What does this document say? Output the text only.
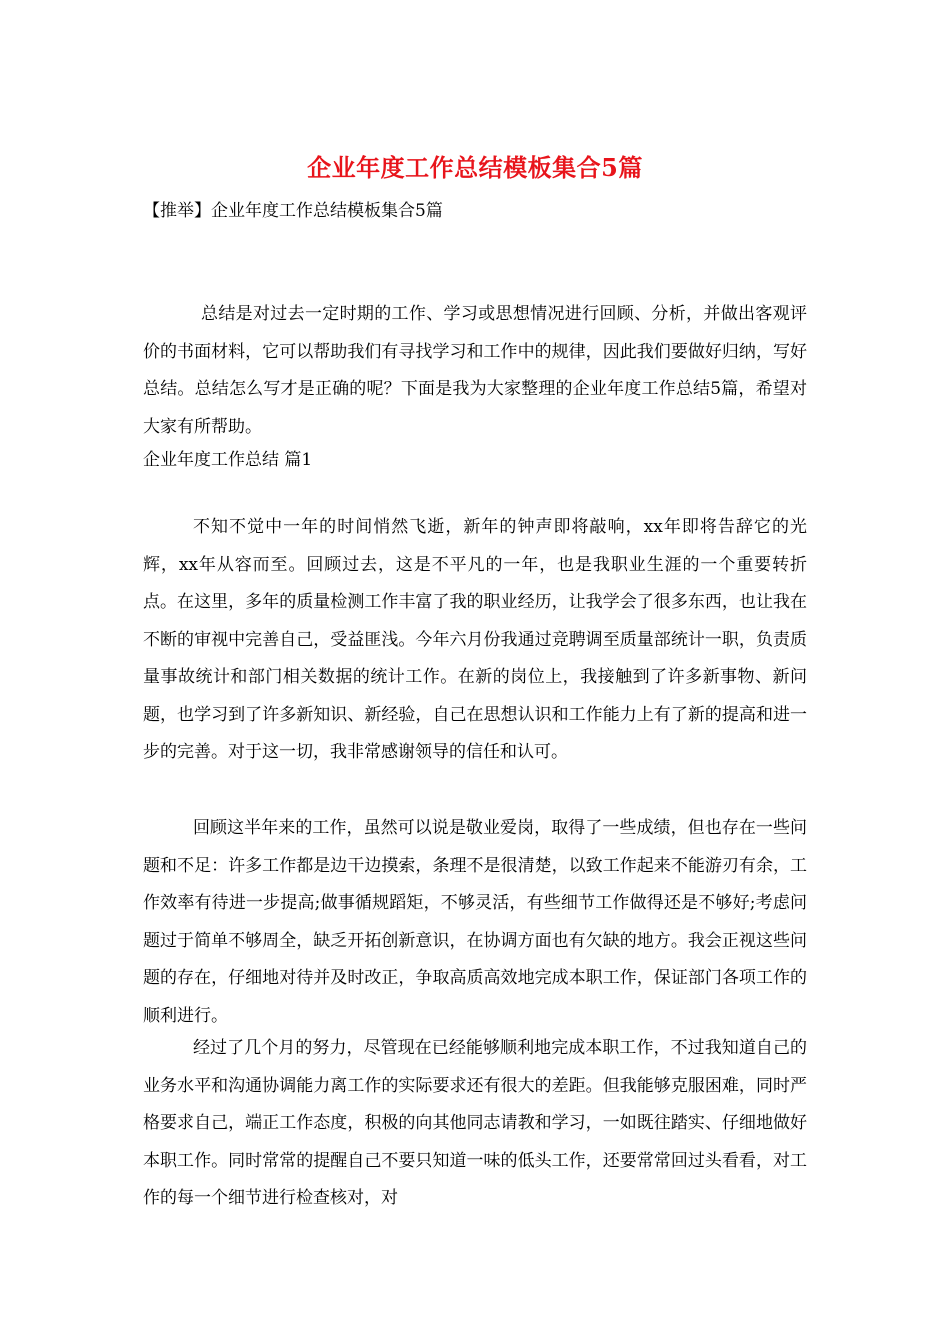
企业年度工作总结模板集合5篇
【推举】企业年度工作总结模板集合5篇

总结是对过去一定时期的工作、学习或思想情况进行回顾、分析，并做出客观评价的书面材料，它可以帮助我们有寻找学习和工作中的规律，因此我们要做好归纳，写好总结。总结怎么写才是正确的呢？下面是我为大家整理的企业年度工作总结5篇，希望对大家有所帮助。

企业年度工作总结 篇1

不知不觉中一年的时间悄然飞逝，新年的钟声即将敲响，xx年即将告辞它的光辉，xx年从容而至。回顾过去，这是不平凡的一年，也是我职业生涯的一个重要转折点。在这里，多年的质量检测工作丰富了我的职业经历，让我学会了很多东西，也让我在不断的审视中完善自己，受益匪浅。今年六月份我通过竞聘调至质量部统计一职，负责质量事故统计和部门相关数据的统计工作。在新的岗位上，我接触到了许多新事物、新问题，也学习到了许多新知识、新经验，自己在思想认识和工作能力上有了新的提高和进一步的完善。对于这一切，我非常感谢领导的信任和认可。

回顾这半年来的工作，虽然可以说是敬业爱岗，取得了一些成绩，但也存在一些问题和不足：许多工作都是边干边摸索，条理不是很清楚，以致工作起来不能游刃有余，工作效率有待进一步提高;做事循规蹈矩，不够灵活，有些细节工作做得还是不够好;考虑问题过于简单不够周全，缺乏开拓创新意识，在协调方面也有欠缺的地方。我会正视这些问题的存在，仔细地对待并及时改正，争取高质高效地完成本职工作，保证部门各项工作的顺利进行。

经过了几个月的努力，尽管现在已经能够顺利地完成本职工作，不过我知道自己的业务水平和沟通协调能力离工作的实际要求还有很大的差距。但我能够克服困难，同时严格要求自己，端正工作态度，积极的向其他同志请教和学习，一如既往踏实、仔细地做好本职工作。同时常常的提醒自己不要只知道一味的低头工作，还要常常回过头看看，对工作的每一个细节进行检查核对，对
